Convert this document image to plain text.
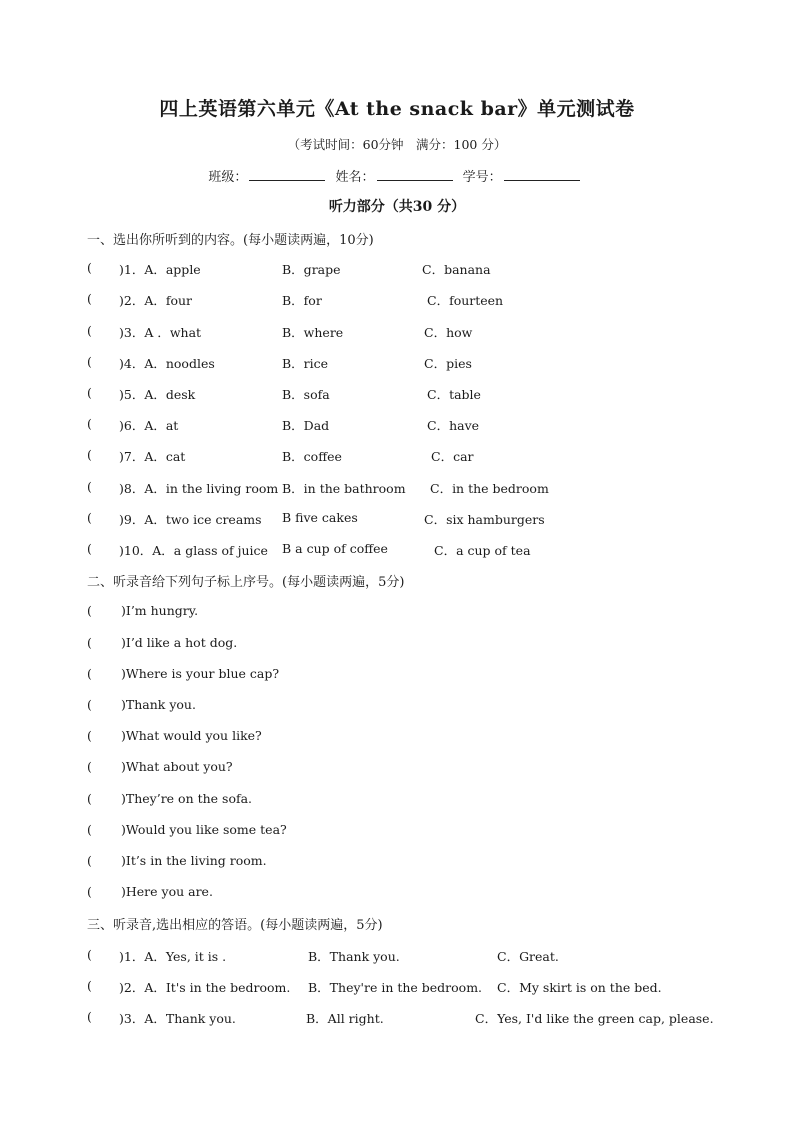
四上英语第六单元《At the snack bar》单元测试卷
（考试时间：60分钟　满分：100 分）
班级：	姓名：	学号：
听力部分（共30 分）
一、选出你所听到的内容。(每小题读两遍，10分)
( )1．A．apple	B．grape	C．banana
( )2．A．four	B．for	C．fourteen
( )3．A ．what	B．where	C．how
( )4．A．noodles	B．rice	C．pies
( )5．A．desk	B．sofa	C．table
( )6．A．at	B．Dad	C．have
( )7．A．cat	B．coffee	C．car
( )8．A．in the living room B．in the bathroom C．in the bedroom
( )9．A．two ice creams B five cakes	C．six hamburgers
( )10．A．a glass of juice B a cup of coffee	C．a cup of tea
二、听录音给下列句子标上序号。(每小题读两遍，5分)
( )I’m hungry.
( )I’d like a hot dog.
( )Where is your blue cap?
( )Thank you.
( )What would you like?
( )What about you?
( )They’re on the sofa.
( )Would you like some tea?
( )It’s in the living room.
( )Here you are.
三、听录音,选出相应的答语。(每小题读两遍，5分)
( )1．A．Yes, it is .	B．Thank you.	C．Great.
( )2．A．It's in the bedroom. B．They're in the bedroom. C．My skirt is on the bed.
( )3．A．Thank you.	B．All right.	C．Yes, I'd like the green cap, please.
